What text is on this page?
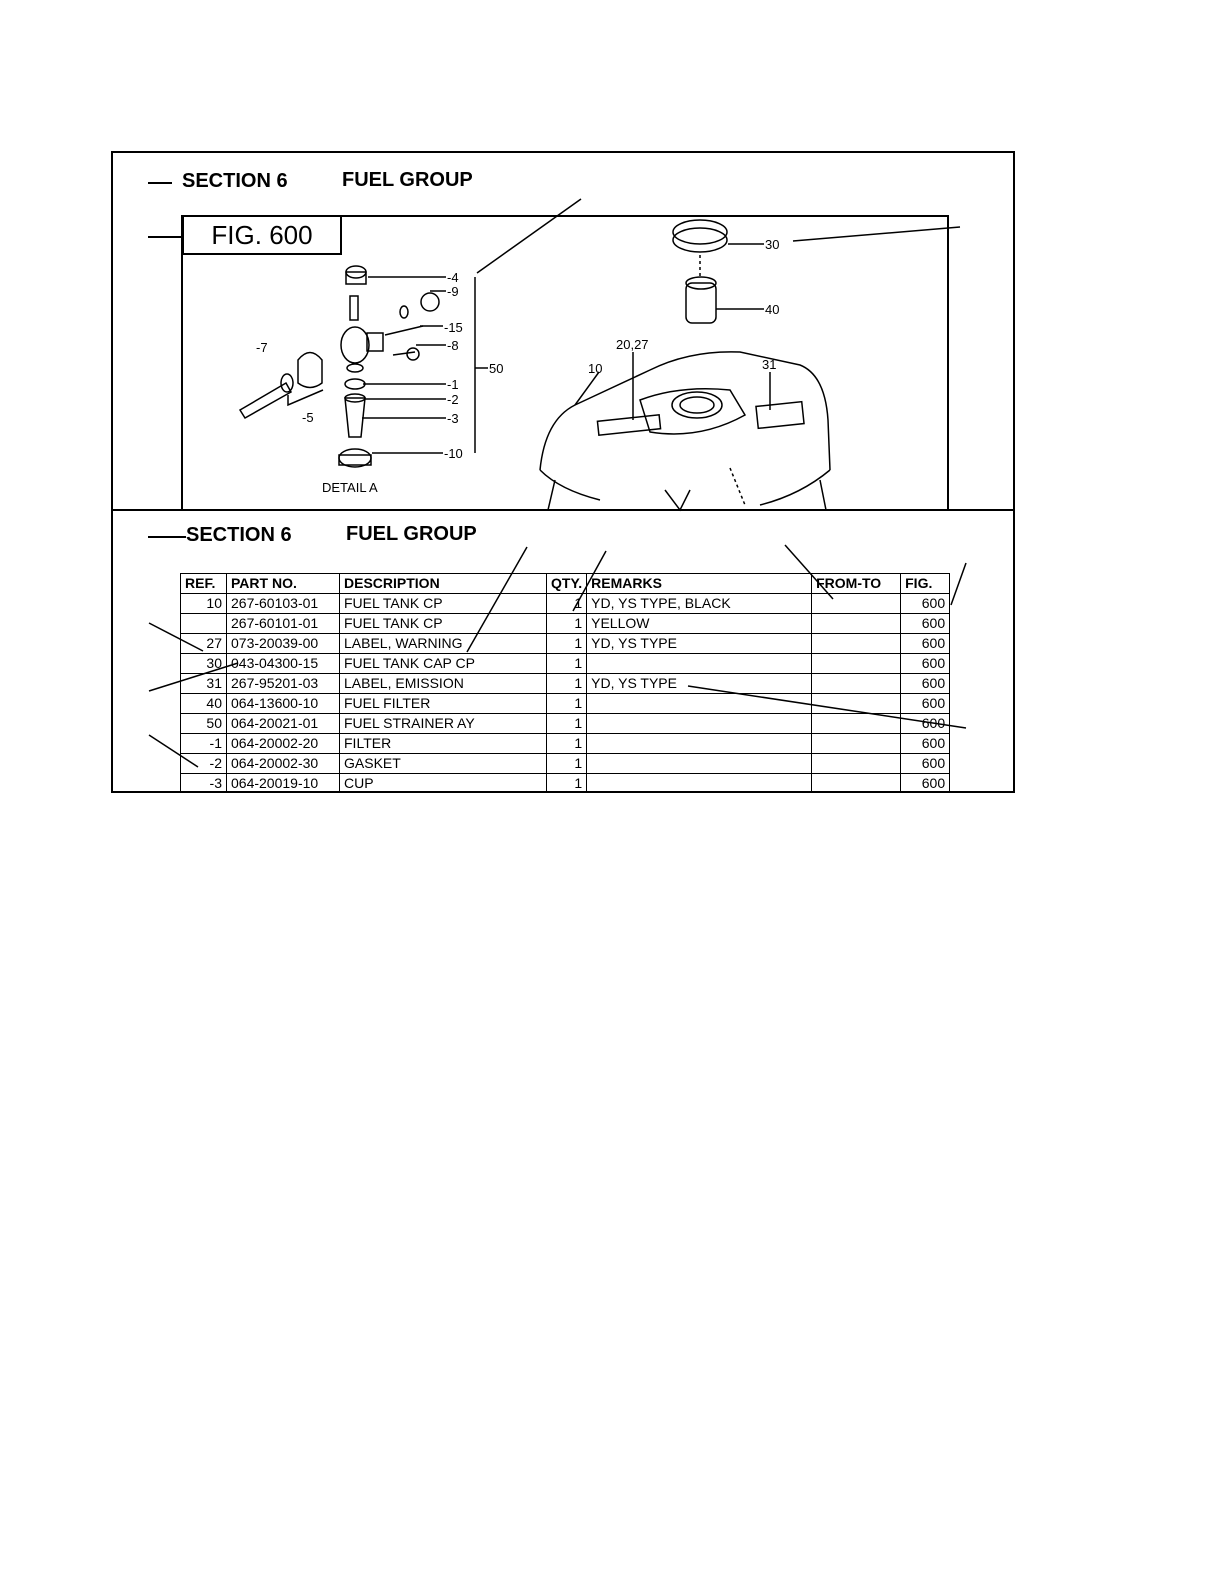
SECTION 6	FUEL GROUP
FIG. 600
-4
-9
-15
-8
-1
-2
-3
-10
-7
-5
50
DETAIL A
30
40
20,27
10	31
SECTION 6	FUEL GROUP
REF.	PART NO.	DESCRIPTION	QTY.	REMARKS	FROM-TO	FIG.
10	267-60103-01	FUEL TANK CP	1	YD, YS TYPE, BLACK		600
	267-60101-01	FUEL TANK CP	1	YELLOW		600
27	073-20039-00	LABEL, WARNING	1	YD, YS TYPE		600
30	043-04300-15	FUEL TANK CAP CP	1			600
31	267-95201-03	LABEL, EMISSION	1	YD, YS TYPE		600
40	064-13600-10	FUEL FILTER	1			600
50	064-20021-01	FUEL STRAINER AY	1			600
-1	064-20002-20	FILTER	1			600
-2	064-20002-30	GASKET	1			600
-3	064-20019-10	CUP	1			600
